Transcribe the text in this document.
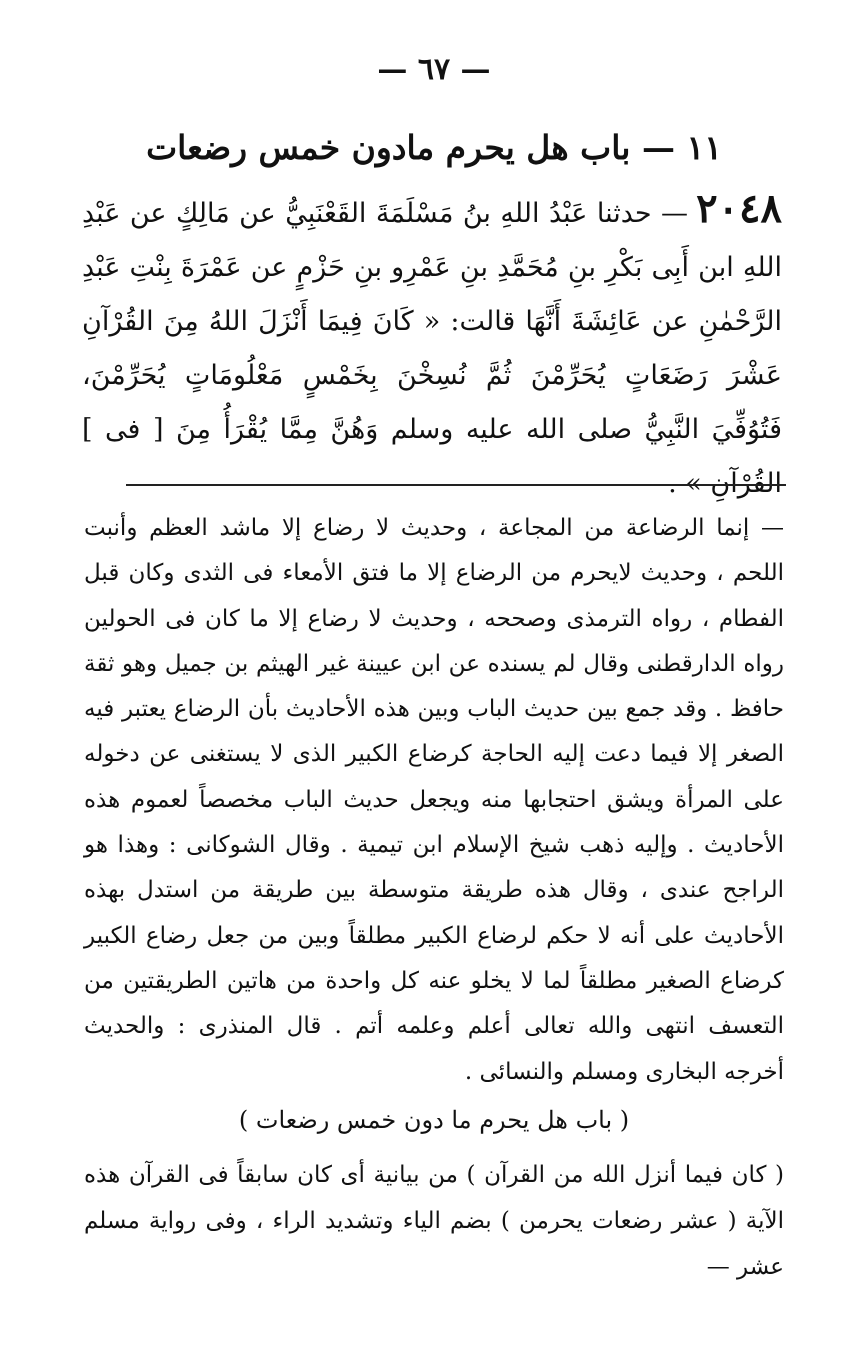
— ٦٧ —
١١ — باب هل يحرم مادون خمس رضعات
٢٠٤٨— حدثنا عَبْدُ اللهِ بنُ مَسْلَمَةَ القَعْنَبِيُّ عن مَالِكٍ عن عَبْدِ اللهِ ابن أَبِى بَكْرِ بنِ مُحَمَّدِ بنِ عَمْرِو بنِ حَزْمٍ عن عَمْرَةَ بِنْتِ عَبْدِ الرَّحْمٰنِ عن عَائِشَةَ أَنَّهَا قالت: « كَانَ فِيمَا أَنْزَلَ اللهُ مِنَ القُرْآنِ عَشْرَ رَضَعَاتٍ يُحَرِّمْنَ ثُمَّ نُسِخْنَ بِخَمْسٍ مَعْلُومَاتٍ يُحَرِّمْنَ، فَتُوُفِّيَ النَّبِيُّ صلى الله عليه وسلم وَهُنَّ مِمَّا يُقْرَأُ مِنَ [ فى ] القُرْآنِ » .
— إنما الرضاعة من المجاعة ، وحديث لا رضاع إلا ماشد العظم وأنبت اللحم ، وحديث لايحرم من الرضاع إلا ما فتق الأمعاء فى الثدى وكان قبل الفطام ، رواه الترمذى وصححه ، وحديث لا رضاع إلا ما كان فى الحولين رواه الدارقطنى وقال لم يسنده عن ابن عيينة غير الهيثم بن جميل وهو ثقة حافظ . وقد جمع بين حديث الباب وبين هذه الأحاديث بأن الرضاع يعتبر فيه الصغر إلا فيما دعت إليه الحاجة كرضاع الكبير الذى لا يستغنى عن دخوله على المرأة ويشق احتجابها منه ويجعل حديث الباب مخصصاً لعموم هذه الأحاديث . وإليه ذهب شيخ الإسلام ابن تيمية . وقال الشوكانى : وهذا هو الراجح عندى ، وقال هذه طريقة متوسطة بين طريقة من استدل بهذه الأحاديث على أنه لا حكم لرضاع الكبير مطلقاً وبين من جعل رضاع الكبير كرضاع الصغير مطلقاً لما لا يخلو عنه كل واحدة من هاتين الطريقتين من التعسف انتهى والله تعالى أعلم وعلمه أتم . قال المنذرى : والحديث أخرجه البخارى ومسلم والنسائى .
( باب هل يحرم ما دون خمس رضعات )
( كان فيما أنزل الله من القرآن ) من بيانية أى كان سابقاً فى القرآن هذه الآية ( عشر رضعات يحرمن ) بضم الياء وتشديد الراء ، وفى رواية مسلم عشر —
